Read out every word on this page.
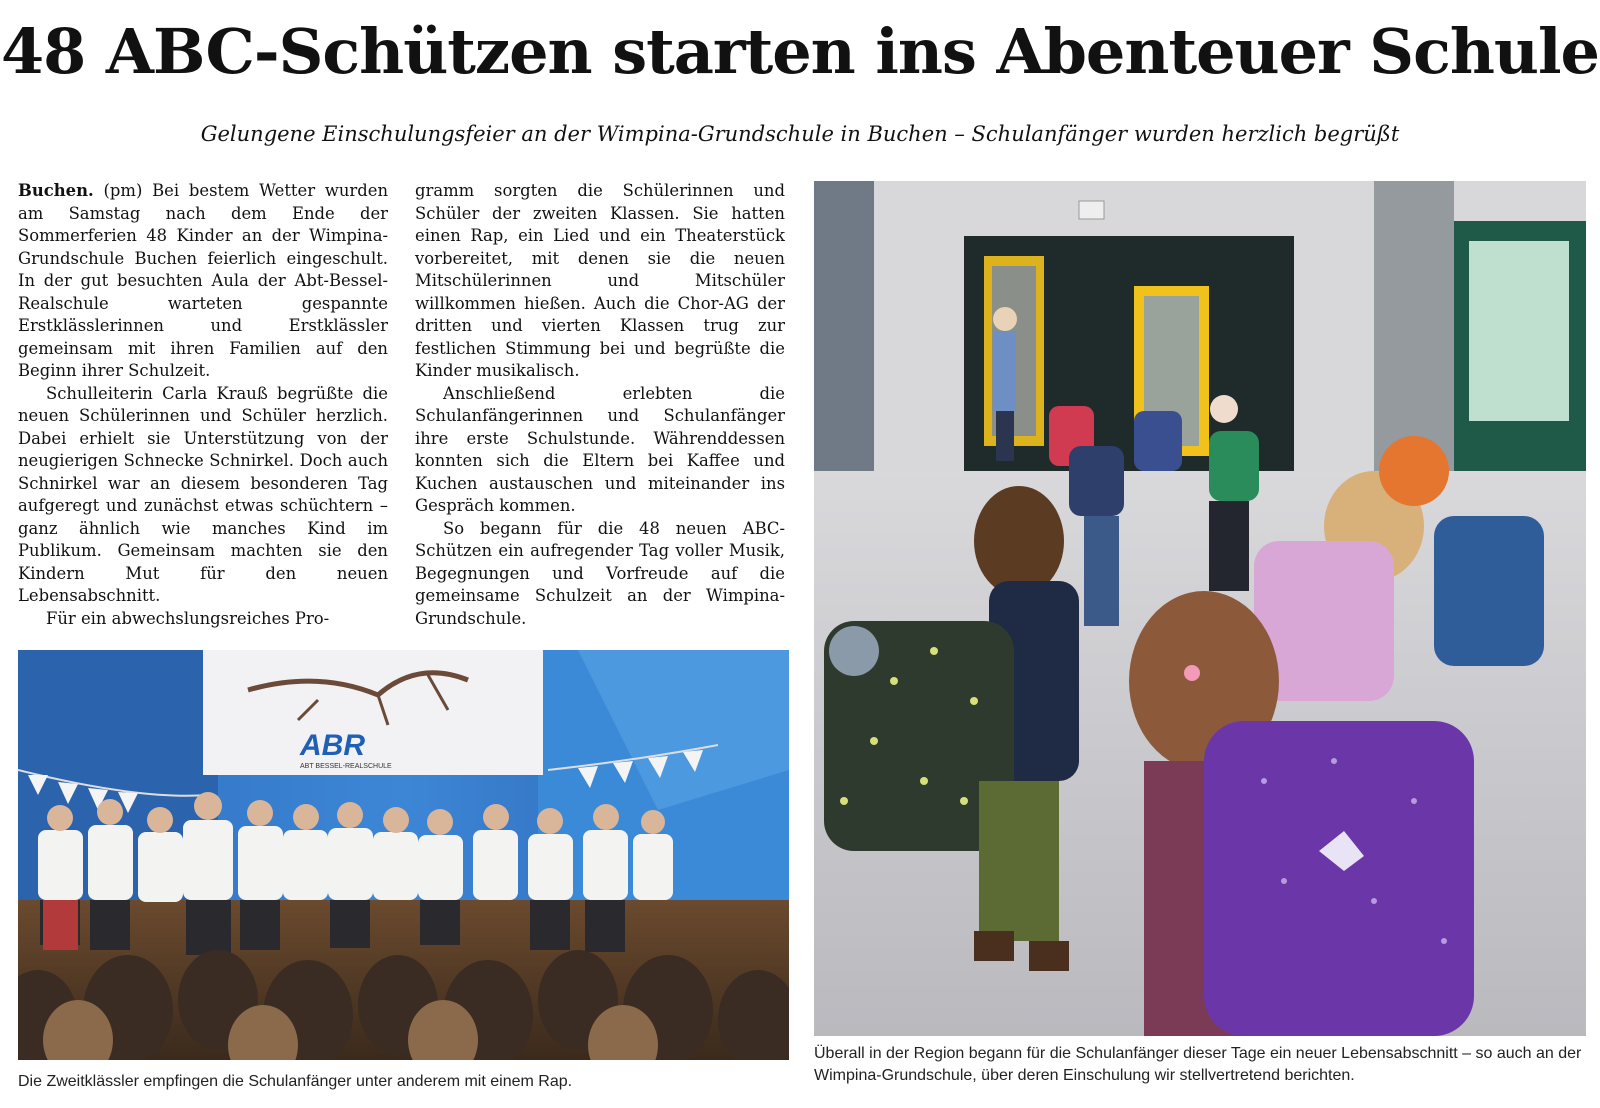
48 ABC-Schützen starten ins Abenteuer Schule

Gelungene Einschulungsfeier an der Wimpina-Grundschule in Buchen – Schulanfänger wurden herzlich begrüßt

Buchen. (pm) Bei bestem Wetter wurden am Samstag nach dem Ende der Sommerferien 48 Kinder an der Wimpina-Grundschule Buchen feierlich eingeschult. In der gut besuchten Aula der Abt-Bessel-Realschule warteten gespannte Erstklässlerinnen und Erstklässler gemeinsam mit ihren Familien auf den Beginn ihrer Schulzeit.

Schulleiterin Carla Krauß begrüßte die neuen Schülerinnen und Schüler herzlich. Dabei erhielt sie Unterstützung von der neugierigen Schnecke Schnirkel. Doch auch Schnirkel war an diesem besonderen Tag aufgeregt und zunächst etwas schüchtern – ganz ähnlich wie manches Kind im Publikum. Gemeinsam machten sie den Kindern Mut für den neuen Lebensabschnitt.

Für ein abwechslungsreiches Pro-

gramm sorgten die Schülerinnen und Schüler der zweiten Klassen. Sie hatten einen Rap, ein Lied und ein Theaterstück vorbereitet, mit denen sie die neuen Mitschülerinnen und Mitschüler willkommen hießen. Auch die Chor-AG der dritten und vierten Klassen trug zur festlichen Stimmung bei und begrüßte die Kinder musikalisch.

Anschließend erlebten die Schulanfängerinnen und Schulanfänger ihre erste Schulstunde. Währenddessen konnten sich die Eltern bei Kaffee und Kuchen austauschen und miteinander ins Gespräch kommen.

So begann für die 48 neuen ABC-Schützen ein aufregender Tag voller Musik, Begegnungen und Vorfreude auf die gemeinsame Schulzeit an der Wimpina-Grundschule.

ABR
ABT BESSEL-REALSCHULE
Die Zweitklässler empfingen die Schulanfänger unter anderem mit einem Rap.
Überall in der Region begann für die Schulanfänger dieser Tage ein neuer Lebensabschnitt – so auch an der Wimpina-Grundschule, über deren Einschulung wir stellvertretend berichten.
